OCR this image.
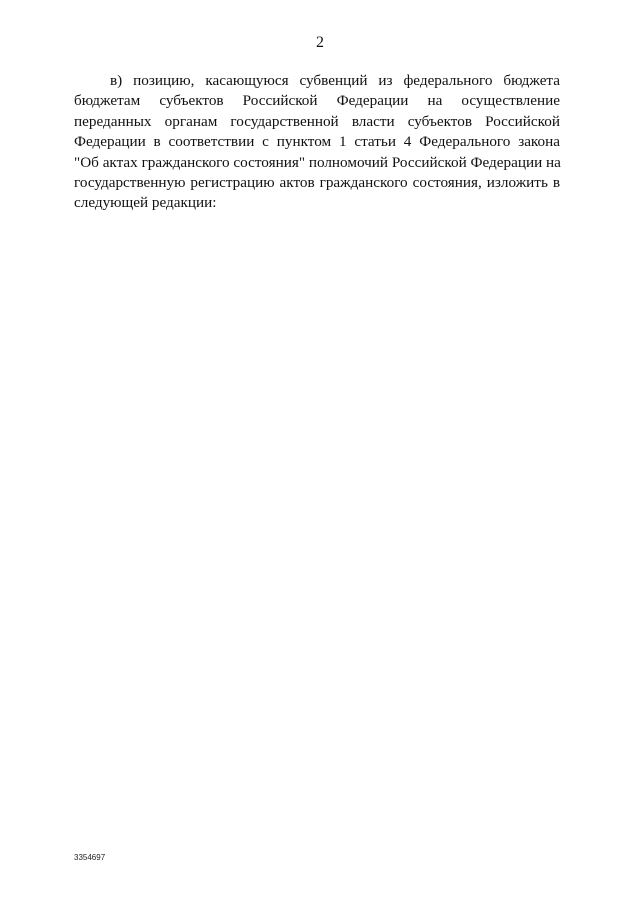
2
в) позицию, касающуюся субвенций из федерального бюджета
бюджетам субъектов Российской Федерации на осуществление
переданных органам государственной власти субъектов Российской
Федерации в соответствии с пунктом 1 статьи 4 Федерального закона
"Об актах гражданского состояния" полномочий Российской Федерации на
государственную регистрацию актов гражданского состояния, изложить в
следующей редакции:
3354697
